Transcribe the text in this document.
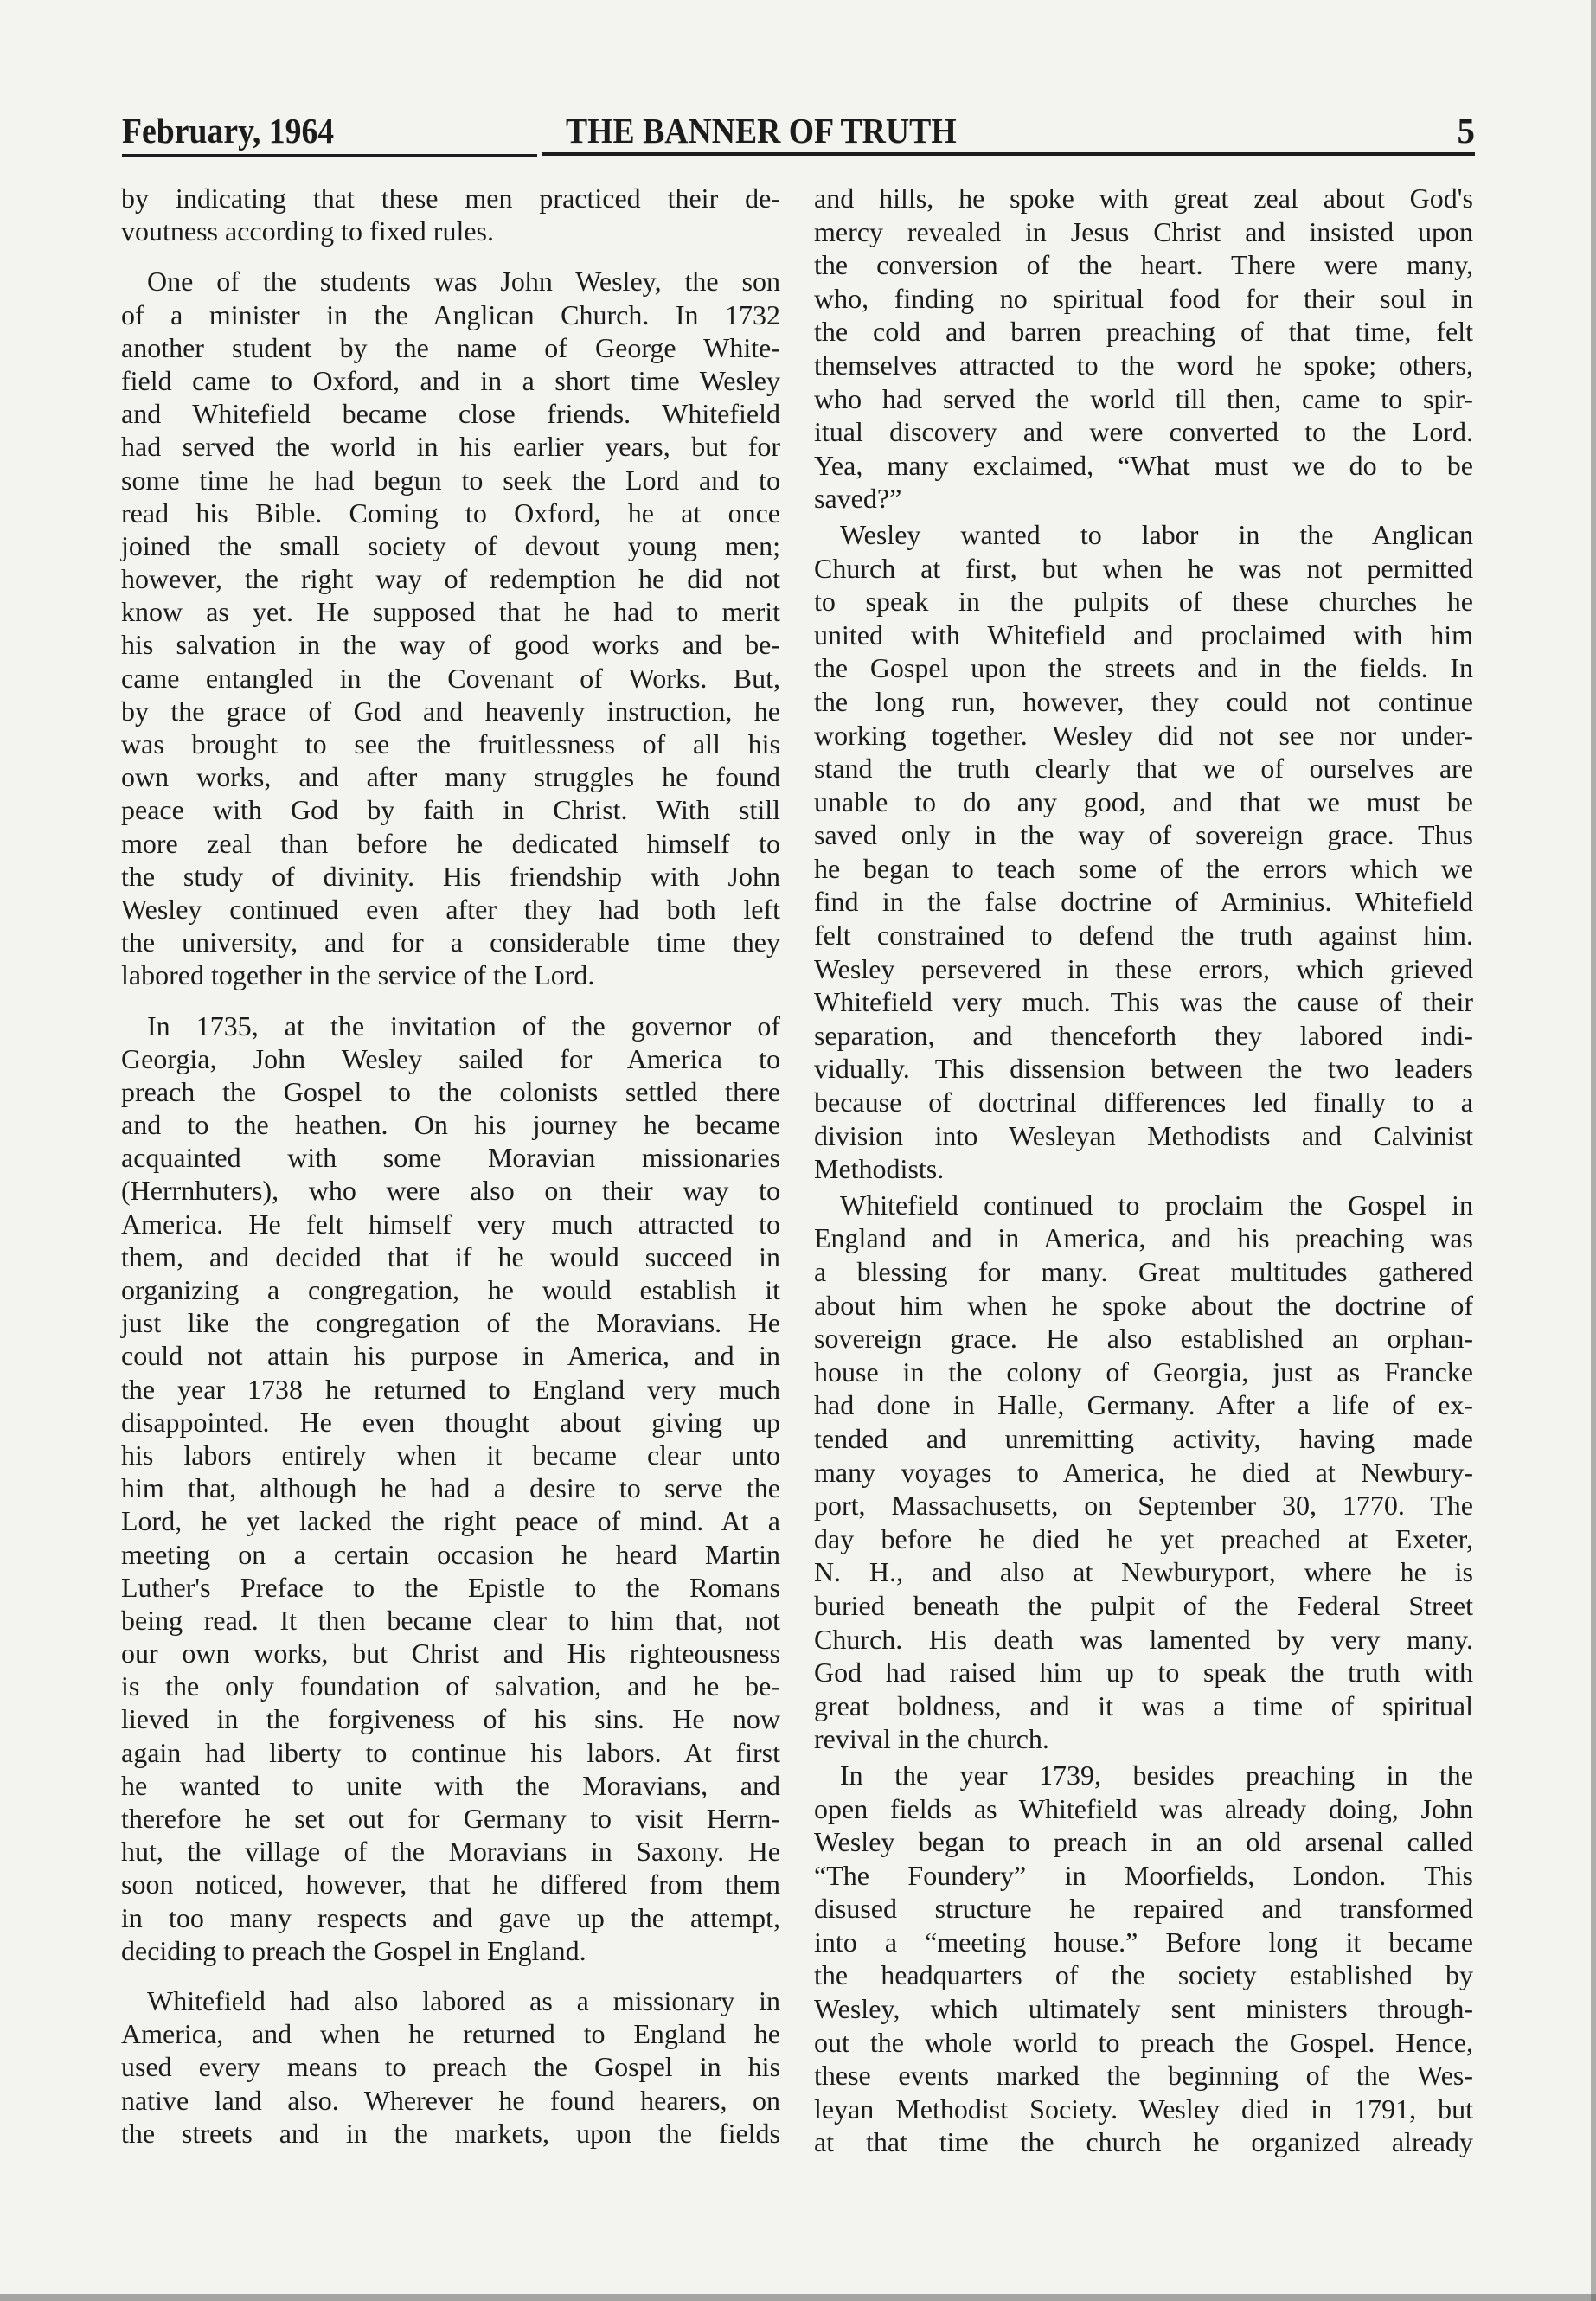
February, 1964	THE BANNER OF TRUTH	5
by indicating that these men practiced their de-
voutness according to fixed rules.
One of the students was John Wesley, the son
of a minister in the Anglican Church. In 1732
another student by the name of George White-
field came to Oxford, and in a short time Wesley
and Whitefield became close friends. Whitefield
had served the world in his earlier years, but for
some time he had begun to seek the Lord and to
read his Bible. Coming to Oxford, he at once
joined the small society of devout young men;
however, the right way of redemption he did not
know as yet. He supposed that he had to merit
his salvation in the way of good works and be-
came entangled in the Covenant of Works. But,
by the grace of God and heavenly instruction, he
was brought to see the fruitlessness of all his
own works, and after many struggles he found
peace with God by faith in Christ. With still
more zeal than before he dedicated himself to
the study of divinity. His friendship with John
Wesley continued even after they had both left
the university, and for a considerable time they
labored together in the service of the Lord.
In 1735, at the invitation of the governor of
Georgia, John Wesley sailed for America to
preach the Gospel to the colonists settled there
and to the heathen. On his journey he became
acquainted with some Moravian missionaries
(Herrnhuters), who were also on their way to
America. He felt himself very much attracted to
them, and decided that if he would succeed in
organizing a congregation, he would establish it
just like the congregation of the Moravians. He
could not attain his purpose in America, and in
the year 1738 he returned to England very much
disappointed. He even thought about giving up
his labors entirely when it became clear unto
him that, although he had a desire to serve the
Lord, he yet lacked the right peace of mind. At a
meeting on a certain occasion he heard Martin
Luther's Preface to the Epistle to the Romans
being read. It then became clear to him that, not
our own works, but Christ and His righteousness
is the only foundation of salvation, and he be-
lieved in the forgiveness of his sins. He now
again had liberty to continue his labors. At first
he wanted to unite with the Moravians, and
therefore he set out for Germany to visit Herrn-
hut, the village of the Moravians in Saxony. He
soon noticed, however, that he differed from them
in too many respects and gave up the attempt,
deciding to preach the Gospel in England.
Whitefield had also labored as a missionary in
America, and when he returned to England he
used every means to preach the Gospel in his
native land also. Wherever he found hearers, on
the streets and in the markets, upon the fields
and hills, he spoke with great zeal about God's
mercy revealed in Jesus Christ and insisted upon
the conversion of the heart. There were many,
who, finding no spiritual food for their soul in
the cold and barren preaching of that time, felt
themselves attracted to the word he spoke; others,
who had served the world till then, came to spir-
itual discovery and were converted to the Lord.
Yea, many exclaimed, “What must we do to be
saved?”
Wesley wanted to labor in the Anglican
Church at first, but when he was not permitted
to speak in the pulpits of these churches he
united with Whitefield and proclaimed with him
the Gospel upon the streets and in the fields. In
the long run, however, they could not continue
working together. Wesley did not see nor under-
stand the truth clearly that we of ourselves are
unable to do any good, and that we must be
saved only in the way of sovereign grace. Thus
he began to teach some of the errors which we
find in the false doctrine of Arminius. Whitefield
felt constrained to defend the truth against him.
Wesley persevered in these errors, which grieved
Whitefield very much. This was the cause of their
separation, and thenceforth they labored indi-
vidually. This dissension between the two leaders
because of doctrinal differences led finally to a
division into Wesleyan Methodists and Calvinist
Methodists.
Whitefield continued to proclaim the Gospel in
England and in America, and his preaching was
a blessing for many. Great multitudes gathered
about him when he spoke about the doctrine of
sovereign grace. He also established an orphan-
house in the colony of Georgia, just as Francke
had done in Halle, Germany. After a life of ex-
tended and unremitting activity, having made
many voyages to America, he died at Newbury-
port, Massachusetts, on September 30, 1770. The
day before he died he yet preached at Exeter,
N. H., and also at Newburyport, where he is
buried beneath the pulpit of the Federal Street
Church. His death was lamented by very many.
God had raised him up to speak the truth with
great boldness, and it was a time of spiritual
revival in the church.
In the year 1739, besides preaching in the
open fields as Whitefield was already doing, John
Wesley began to preach in an old arsenal called
“The Foundery” in Moorfields, London. This
disused structure he repaired and transformed
into a “meeting house.” Before long it became
the headquarters of the society established by
Wesley, which ultimately sent ministers through-
out the whole world to preach the Gospel. Hence,
these events marked the beginning of the Wes-
leyan Methodist Society. Wesley died in 1791, but
at that time the church he organized already
